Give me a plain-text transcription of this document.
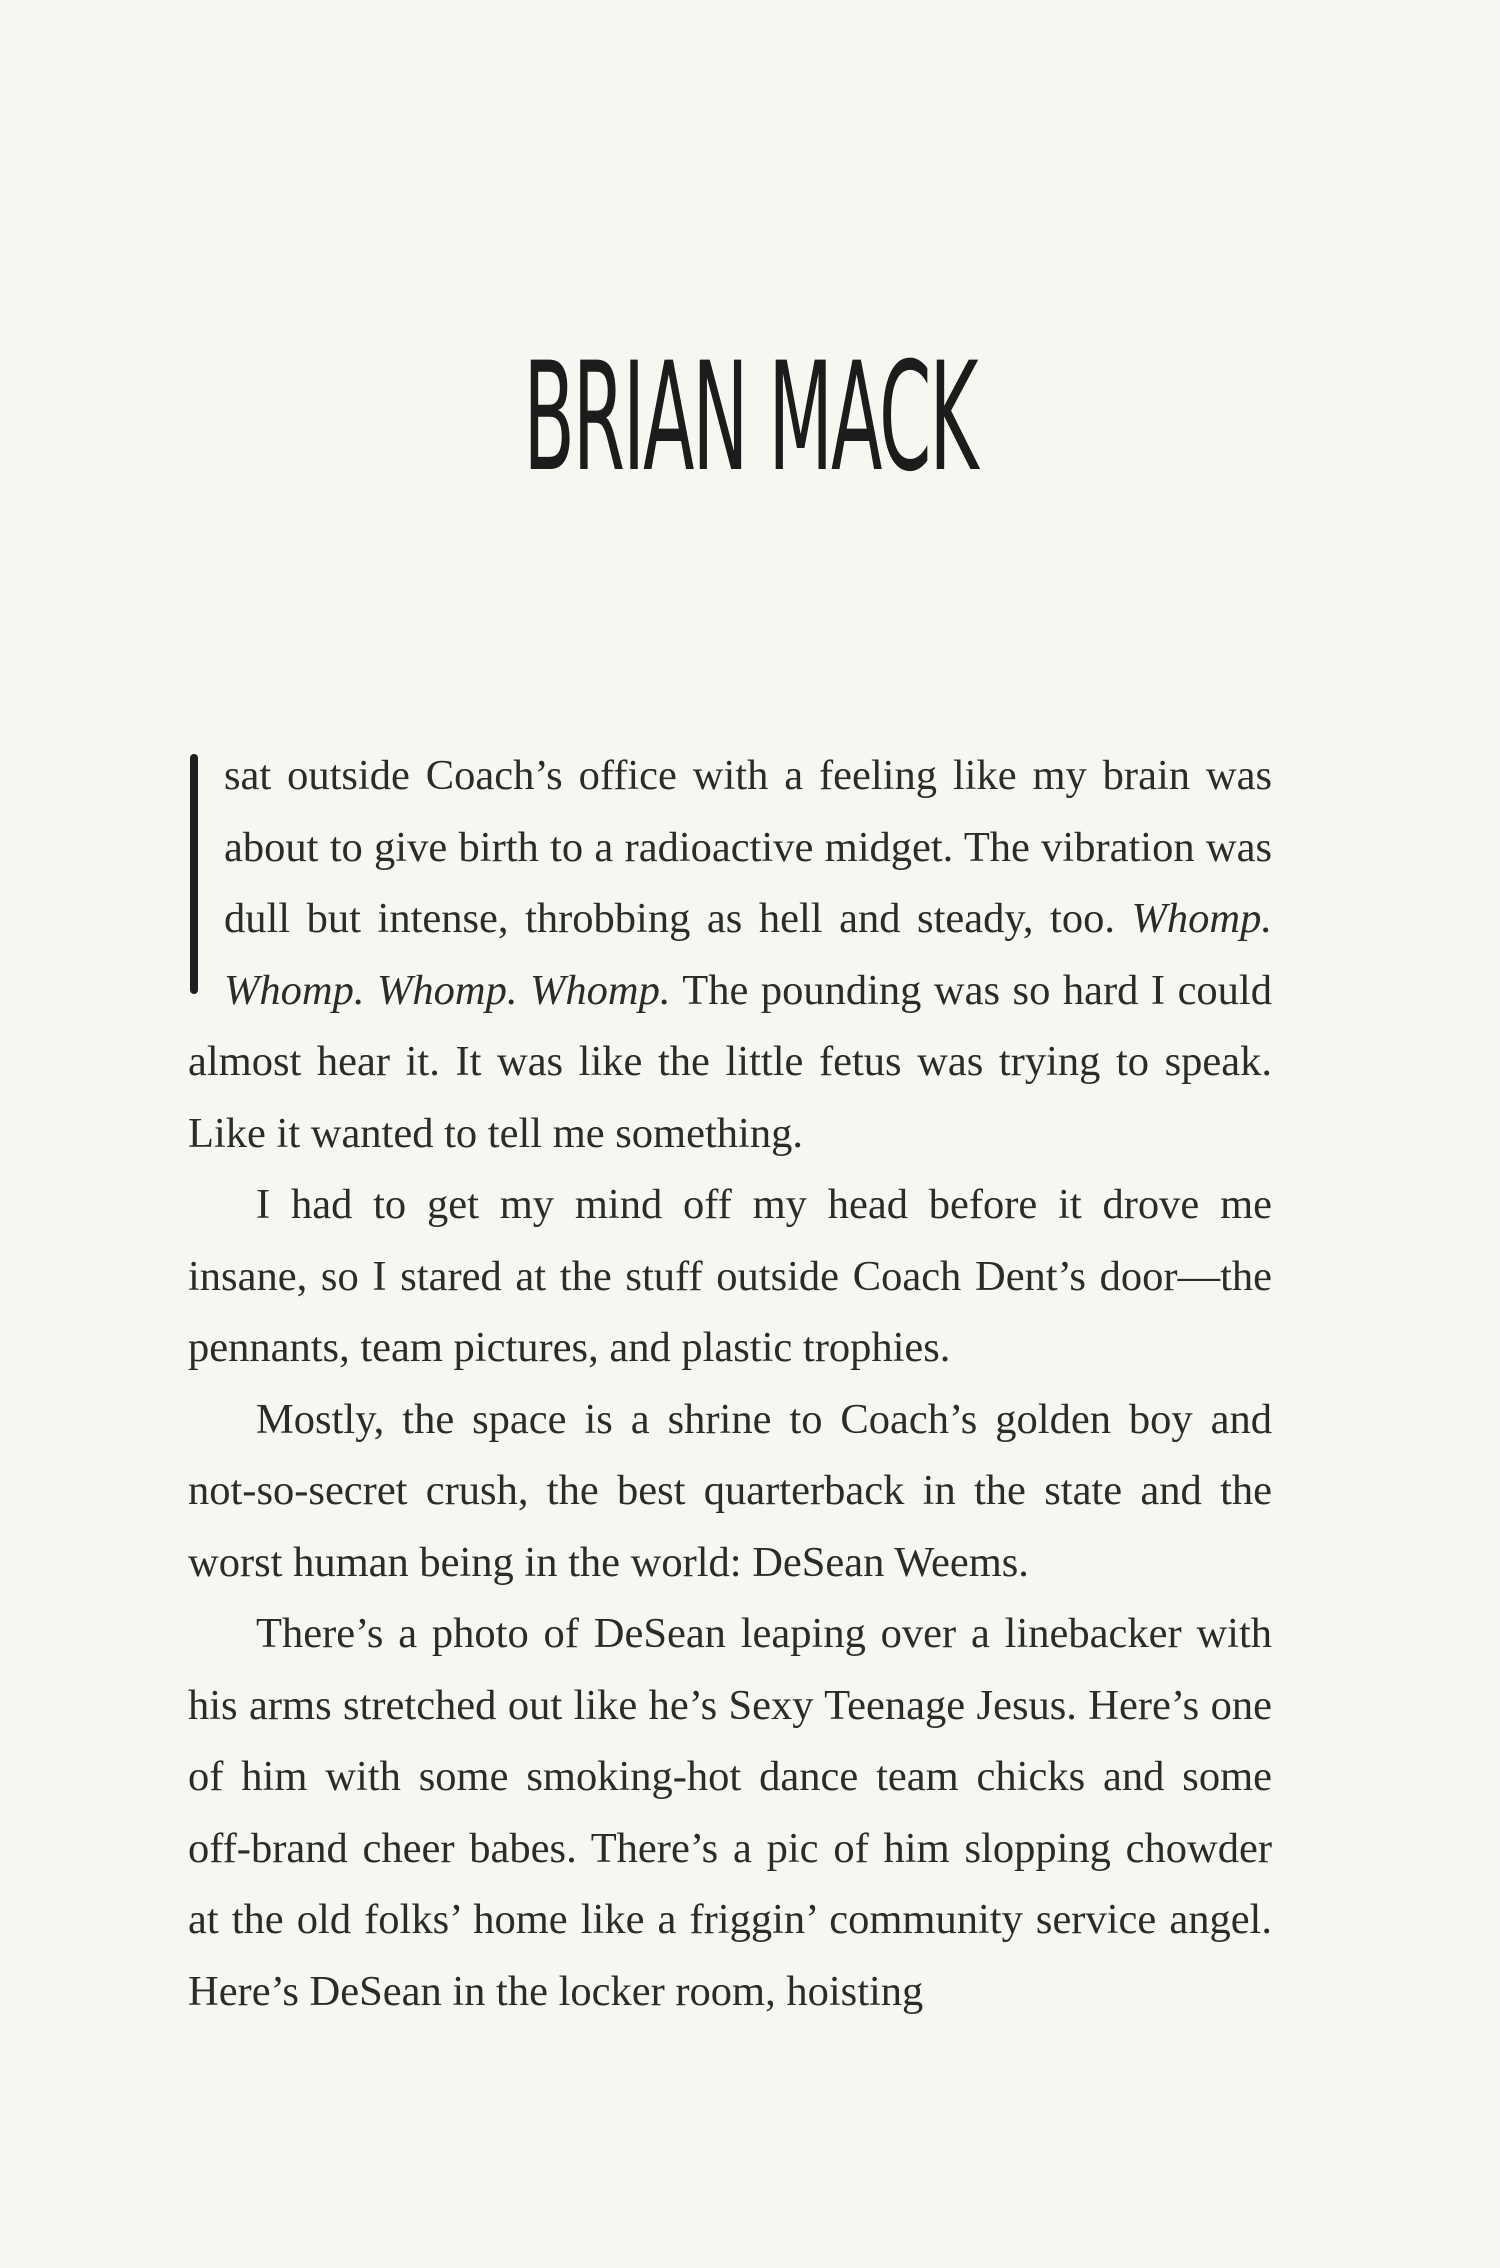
BRIAN MACK

sat outside Coach’s office with a feeling like my brain was about to give birth to a radioactive midget. The vibration was dull but intense, throbbing as hell and steady, too. Whomp. Whomp. Whomp. Whomp. The pounding was so hard I could almost hear it. It was like the little fetus was trying to speak. Like it wanted to tell me something.

I had to get my mind off my head before it drove me insane, so I stared at the stuff outside Coach Dent’s door—the pennants, team pictures, and plastic trophies.

Mostly, the space is a shrine to Coach’s golden boy and not-so-secret crush, the best quarterback in the state and the worst human being in the world: DeSean Weems.

There’s a photo of DeSean leaping over a linebacker with his arms stretched out like he’s Sexy Teenage Jesus. Here’s one of him with some smoking-hot dance team chicks and some off-brand cheer babes. There’s a pic of him slopping chowder at the old folks’ home like a friggin’ community service angel. Here’s DeSean in the locker room, hoisting
